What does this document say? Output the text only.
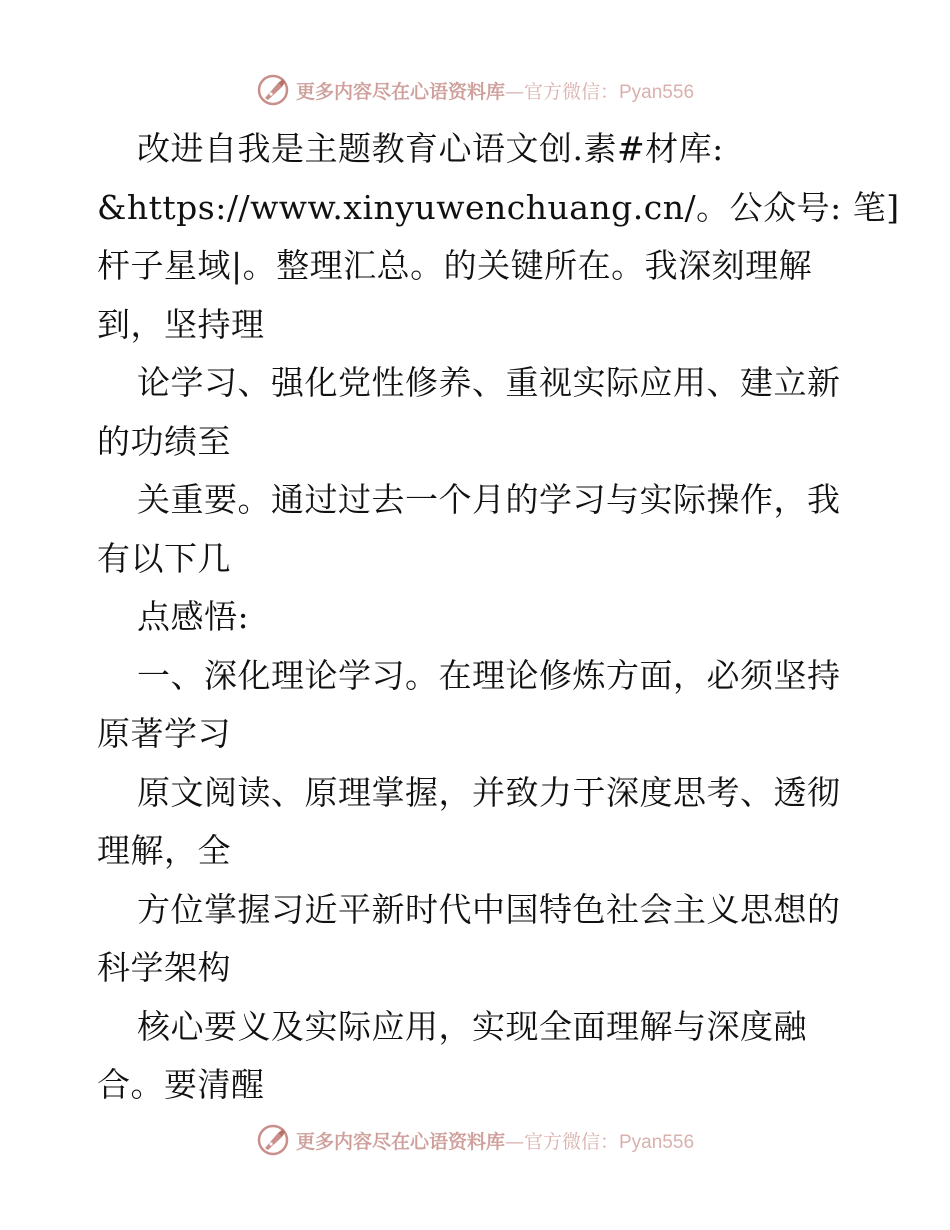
更多内容尽在心语资料库—官方微信：Pyan556
改进自我是主题教育心语文创.素#材库:
&https://www.xinyuwenchuang.cn/。公众号: 笔]
杆子星域|。整理汇总。的关键所在。我深刻理解
到，坚持理
论学习、强化党性修养、重视实际应用、建立新
的功绩至
关重要。通过过去一个月的学习与实际操作，我
有以下几
点感悟:
一、深化理论学习。在理论修炼方面，必须坚持
原著学习
原文阅读、原理掌握，并致力于深度思考、透彻
理解，全
方位掌握习近平新时代中国特色社会主义思想的
科学架构
核心要义及实际应用，实现全面理解与深度融
合。要清醒
更多内容尽在心语资料库—官方微信：Pyan556
